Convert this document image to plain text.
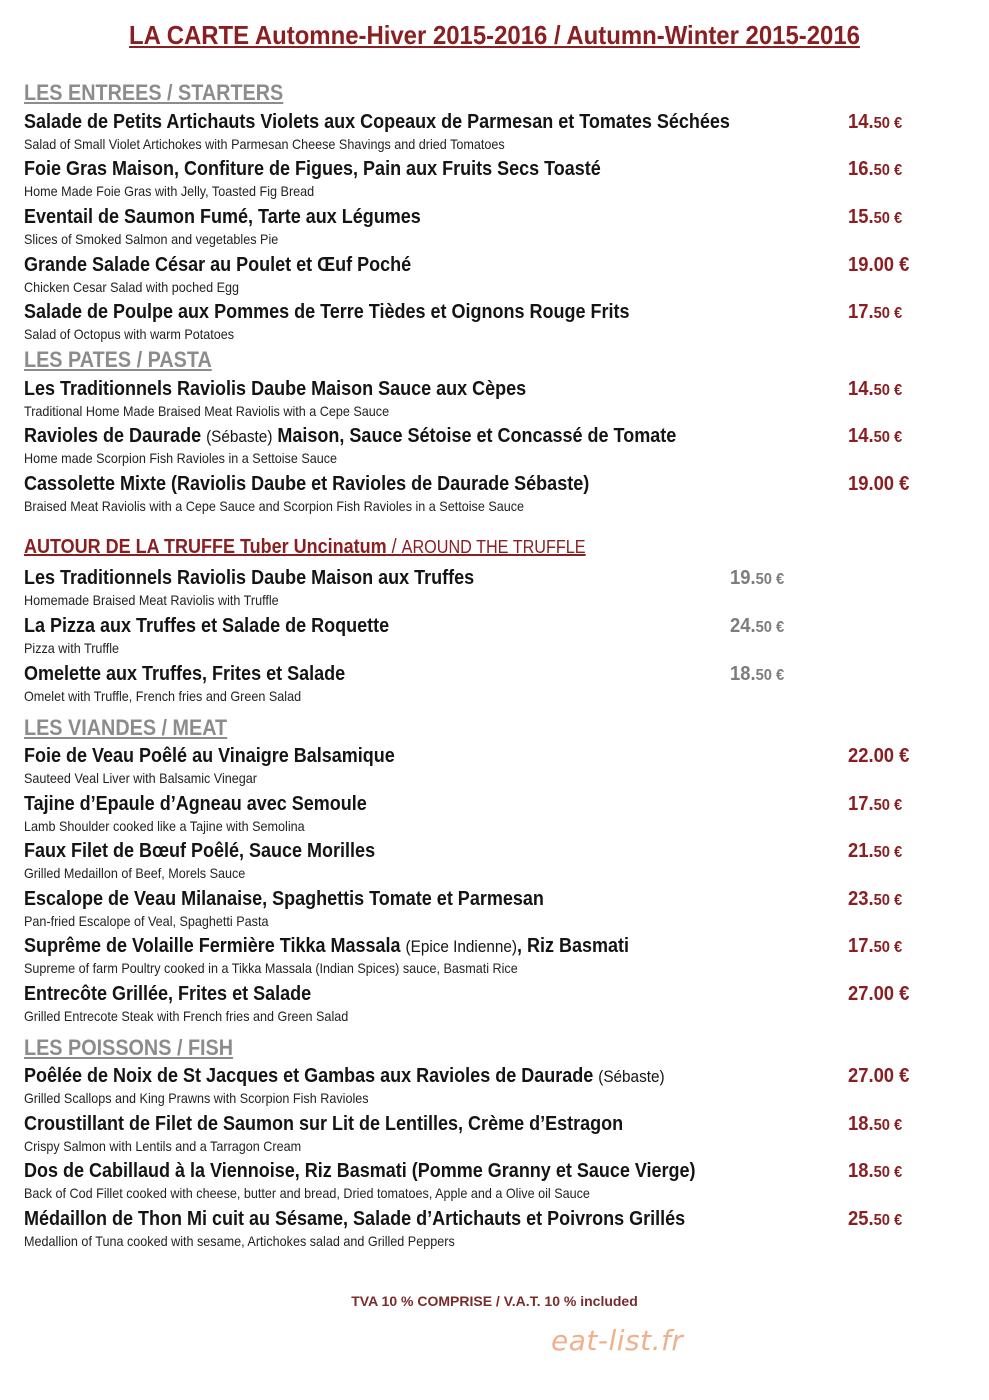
LA CARTE Automne-Hiver 2015-2016 / Autumn-Winter 2015-2016
LES ENTREES / STARTERS
Salade de Petits Artichauts Violets aux Copeaux de Parmesan et Tomates Séchées
Salad of Small Violet Artichokes with Parmesan Cheese Shavings and dried Tomatoes
14.50 €
Foie Gras Maison, Confiture de Figues, Pain aux Fruits Secs Toasté
Home Made Foie Gras with Jelly, Toasted Fig Bread
16.50 €
Eventail de Saumon Fumé, Tarte aux Légumes
Slices of Smoked Salmon and vegetables Pie
15.50 €
Grande Salade César au Poulet et Œuf Poché
Chicken Cesar Salad with poched Egg
19.00 €
Salade de Poulpe aux Pommes de Terre Tièdes et Oignons Rouge Frits
Salad of Octopus with warm Potatoes
17.50 €
LES PATES / PASTA
Les Traditionnels Raviolis Daube Maison Sauce aux Cèpes
Traditional Home Made Braised Meat Raviolis with a Cepe Sauce
14.50 €
Ravioles de Daurade (Sébaste) Maison, Sauce Sétoise et Concassé de Tomate
Home made Scorpion Fish Ravioles in a Settoise Sauce
14.50 €
Cassolette Mixte (Raviolis Daube et Ravioles de Daurade Sébaste)
Braised Meat Raviolis with a Cepe Sauce and Scorpion Fish Ravioles in a Settoise Sauce
19.00 €
AUTOUR DE LA TRUFFE Tuber Uncinatum / AROUND THE TRUFFLE
Les Traditionnels Raviolis Daube Maison aux Truffes
Homemade Braised Meat Raviolis with Truffle
19.50 €
La Pizza aux Truffes et Salade de Roquette
Pizza with Truffle
24.50 €
Omelette aux Truffes, Frites et Salade
Omelet with Truffle, French fries and Green Salad
18.50 €
LES VIANDES / MEAT
Foie de Veau Poêlé au Vinaigre Balsamique
Sauteed Veal Liver with Balsamic Vinegar
22.00 €
Tajine d’Epaule d’Agneau avec Semoule
Lamb Shoulder cooked like a Tajine with Semolina
17.50 €
Faux Filet de Bœuf Poêlé, Sauce Morilles
Grilled Medaillon of Beef, Morels Sauce
21.50 €
Escalope de Veau Milanaise, Spaghettis Tomate et Parmesan
Pan-fried Escalope of Veal, Spaghetti Pasta
23.50 €
Suprême de Volaille Fermière Tikka Massala (Epice Indienne), Riz Basmati
Supreme of farm Poultry cooked in a Tikka Massala (Indian Spices) sauce, Basmati Rice
17.50 €
Entrecôte Grillée, Frites et Salade
Grilled Entrecote Steak with French fries and Green Salad
27.00 €
LES POISSONS / FISH
Poêlée de Noix de St Jacques et Gambas aux Ravioles de Daurade (Sébaste)
Grilled Scallops and King Prawns with Scorpion Fish Ravioles
27.00 €
Croustillant de Filet de Saumon sur Lit de Lentilles, Crème d’Estragon
Crispy Salmon with Lentils and a Tarragon Cream
18.50 €
Dos de Cabillaud à la Viennoise, Riz Basmati (Pomme Granny et Sauce Vierge)
Back of Cod Fillet cooked with cheese, butter and bread, Dried tomatoes, Apple and a Olive oil Sauce
18.50 €
Médaillon de Thon Mi cuit au Sésame, Salade d’Artichauts et Poivrons Grillés
Medallion of Tuna cooked with sesame, Artichokes salad and Grilled Peppers
25.50 €
TVA 10 % COMPRISE / V.A.T. 10 % included
eat-list.fr
